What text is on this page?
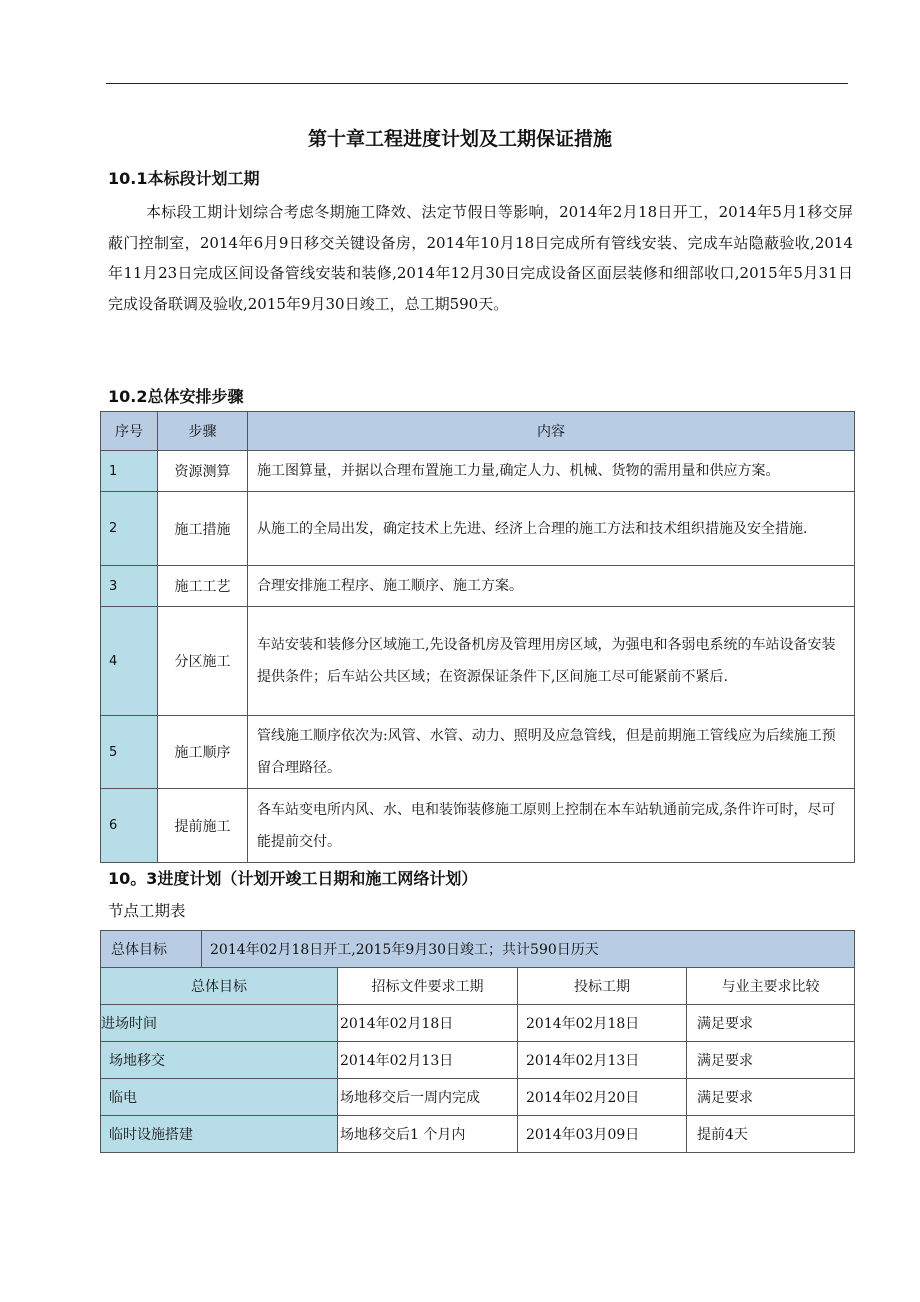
第十章工程进度计划及工期保证措施
10.1本标段计划工期
本标段工期计划综合考虑冬期施工降效、法定节假日等影响，2014年2月18日开工，2014年5月1移交屏蔽门控制室，2014年6月9日移交关键设备房，2014年10月18日完成所有管线安装、完成车站隐蔽验收,2014年11月23日完成区间设备管线安装和装修,2014年12月30日完成设备区面层装修和细部收口,2015年5月31日完成设备联调及验收,2015年9月30日竣工，总工期590天。
10.2总体安排步骤
序号	步骤	内容
1	资源测算	施工图算量，并据以合理布置施工力量,确定人力、机械、货物的需用量和供应方案。
2	施工措施	从施工的全局出发，确定技术上先进、经济上合理的施工方法和技术组织措施及安全措施.
3	施工工艺	合理安排施工程序、施工顺序、施工方案。
4	分区施工	车站安装和装修分区域施工,先设备机房及管理用房区域，为强电和各弱电系统的车站设备安装提供条件；后车站公共区域；在资源保证条件下,区间施工尽可能紧前不紧后.
5	施工顺序	管线施工顺序依次为:风管、水管、动力、照明及应急管线，但是前期施工管线应为后续施工预留合理路径。
6	提前施工	各车站变电所内风、水、电和装饰装修施工原则上控制在本车站轨通前完成,条件许可时，尽可能提前交付。
10。3进度计划（计划开竣工日期和施工网络计划）
节点工期表
总体目标	2014年02月18日开工,2015年9月30日竣工；共计590日历天			
总体目标		招标文件要求工期	投标工期	与业主要求比较
进场时间		2014年02月18日	2014年02月18日	满足要求
场地移交		2014年02月13日	2014年02月13日	满足要求
临电		场地移交后一周内完成	2014年02月20日	满足要求
临时设施搭建		场地移交后1 个月内	2014年03月09日	提前4天
